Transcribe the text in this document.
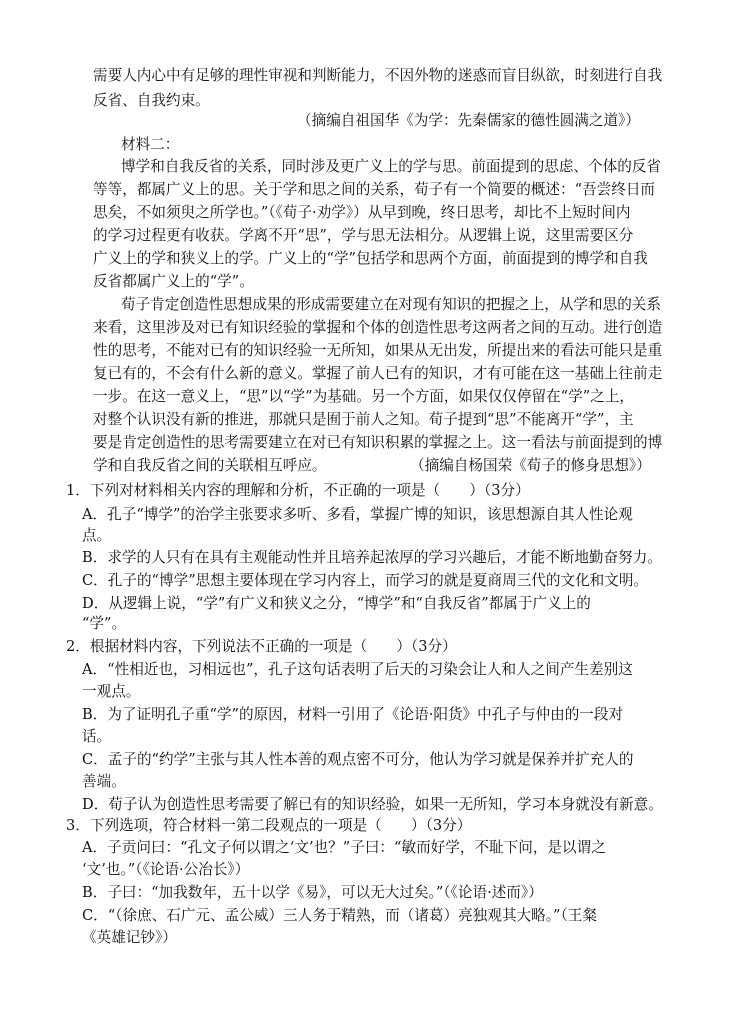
需要人内心中有足够的理性审视和判断能力，不因外物的迷惑而盲目纵欲，时刻进行自我
反省、自我约束。
（摘编自祖国华《为学：先秦儒家的德性圆满之道》）
材料二：
博学和自我反省的关系，同时涉及更广义上的学与思。前面提到的思虑、个体的反省
等等，都属广义上的思。关于学和思之间的关系，荀子有一个简要的概述：“吾尝终日而
思矣，不如须臾之所学也。”（《荀子·劝学》）从早到晚，终日思考，却比不上短时间内
的学习过程更有收获。学离不开“思”，学与思无法相分。从逻辑上说，这里需要区分
广义上的学和狭义上的学。广义上的“学”包括学和思两个方面，前面提到的博学和自我
反省都属广义上的“学”。
荀子肯定创造性思想成果的形成需要建立在对现有知识的把握之上，从学和思的关系
来看，这里涉及对已有知识经验的掌握和个体的创造性思考这两者之间的互动。进行创造
性的思考，不能对已有的知识经验一无所知，如果从无出发，所提出来的看法可能只是重
复已有的，不会有什么新的意义。掌握了前人已有的知识，才有可能在这一基础上往前走
一步。在这一意义上，“思”以“学”为基础。另一个方面，如果仅仅停留在“学”之上，
对整个认识没有新的推进，那就只是囿于前人之知。荀子提到“思”不能离开“学”，主
要是肯定创造性的思考需要建立在对已有知识积累的掌握之上。这一看法与前面提到的博
学和自我反省之间的关联相互呼应。	（摘编自杨国荣《荀子的修身思想》）
1．下列对材料相关内容的理解和分析，不正确的一项是（　　）（3分）
A．孔子“博学”的治学主张要求多听、多看，掌握广博的知识，该思想源自其人性论观
点。
B．求学的人只有在具有主观能动性并且培养起浓厚的学习兴趣后，才能不断地勤奋努力。
C．孔子的“博学”思想主要体现在学习内容上，而学习的就是夏商周三代的文化和文明。
D．从逻辑上说，“学”有广义和狭义之分，“博学”和“自我反省”都属于广义上的
“学”。
2．根据材料内容，下列说法不正确的一项是（　　）（3分）
A．“性相近也，习相远也”，孔子这句话表明了后天的习染会让人和人之间产生差别这
一观点。
B．为了证明孔子重“学”的原因，材料一引用了《论语·阳货》中孔子与仲由的一段对
话。
C．孟子的“约学”主张与其人性本善的观点密不可分，他认为学习就是保养并扩充人的
善端。
D．荀子认为创造性思考需要了解已有的知识经验，如果一无所知，学习本身就没有新意。
3．下列选项，符合材料一第二段观点的一项是（　　）（3分）
A．子贡问曰：“孔文子何以谓之‘文’也？”子曰：“敏而好学，不耻下问，是以谓之
‘文’也。”（《论语·公冶长》）
B．子曰：“加我数年，五十以学《易》，可以无大过矣。”（《论语·述而》）
C．“（徐庶、石广元、孟公威）三人务于精熟，而（诸葛）亮独观其大略。”（王粲
《英雄记钞》）
